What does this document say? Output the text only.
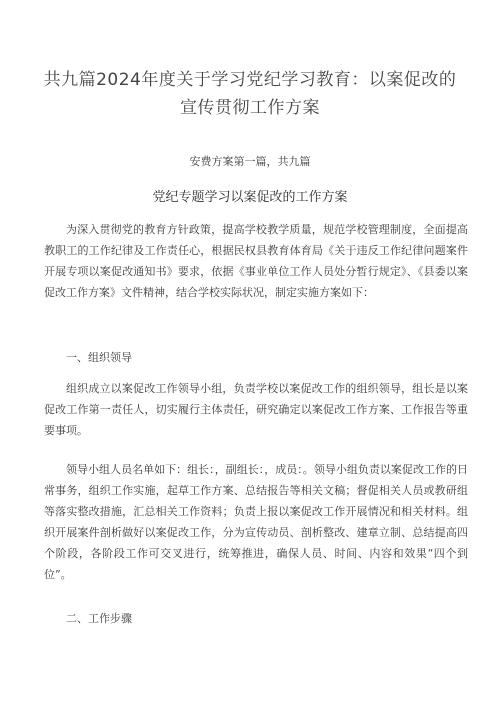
共九篇2024年度关于学习党纪学习教育：以案促改的宣传贯彻工作方案
安费方案第一篇，共九篇
党纪专题学习以案促改的工作方案

为深入贯彻党的教育方针政策，提高学校教学质量，规范学校管理制度，全面提高教职工的工作纪律及工作责任心，根据民权县教育体育局《关于违反工作纪律问题案件开展专项以案促改通知书》要求，依据《事业单位工作人员处分暂行规定》、《县委以案促改工作方案》文件精神，结合学校实际状况，制定实施方案如下：

一、组织领导

组织成立以案促改工作领导小组，负责学校以案促改工作的组织领导，组长是以案促改工作第一责任人，切实履行主体责任，研究确定以案促改工作方案、工作报告等重要事项。

领导小组人员名单如下：组长：，副组长：，成员：。领导小组负责以案促改工作的日常事务，组织工作实施，起草工作方案、总结报告等相关文稿；督促相关人员或教研组等落实整改措施，汇总相关工作资料；负责上报以案促改工作开展情况和相关材料。组织开展案件剖析做好以案促改工作，分为宣传动员、剖析整改、建章立制、总结提高四个阶段，各阶段工作可交叉进行，统筹推进，确保人员、时间、内容和效果“四个到位”。

二、工作步骤
